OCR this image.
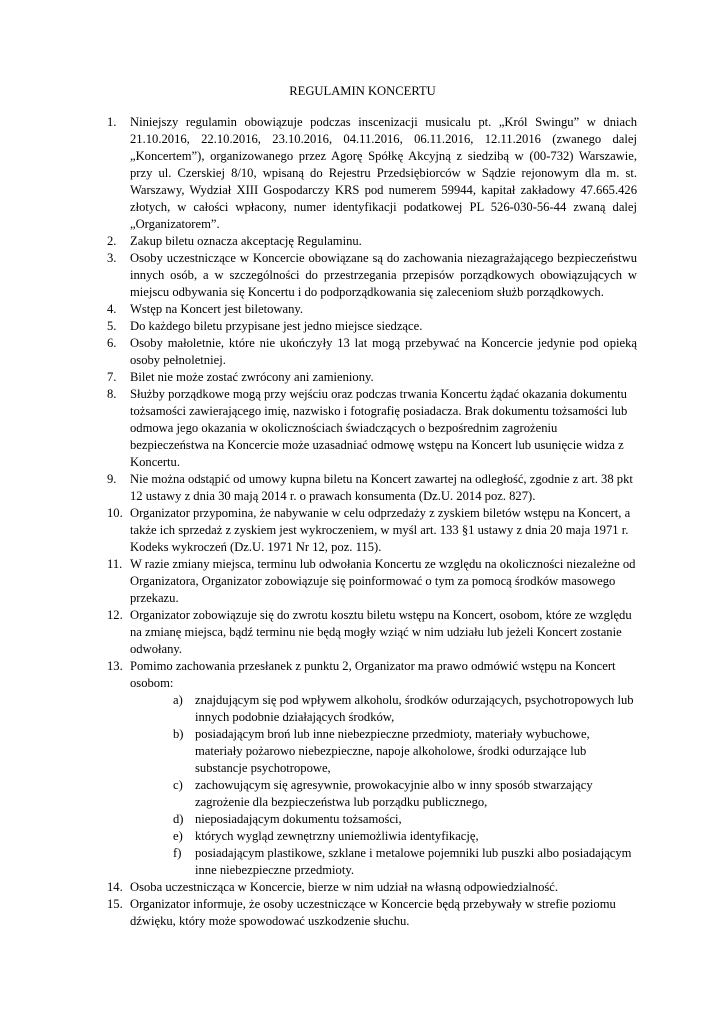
REGULAMIN KONCERTU
1. Niniejszy regulamin obowiązuje podczas inscenizacji musicalu pt. „Król Swingu” w dniach 21.10.2016, 22.10.2016, 23.10.2016, 04.11.2016, 06.11.2016, 12.11.2016 (zwanego dalej „Koncertem”), organizowanego przez Agorę Spółkę Akcyjną z siedzibą w (00-732) Warszawie, przy ul. Czerskiej 8/10, wpisaną do Rejestru Przedsiębiorców w Sądzie rejonowym dla m. st. Warszawy, Wydział XIII Gospodarczy KRS pod numerem 59944, kapitał zakładowy 47.665.426 złotych, w całości wpłacony, numer identyfikacji podatkowej PL 526-030-56-44 zwaną dalej „Organizatorem”.
2. Zakup biletu oznacza akceptację Regulaminu.
3. Osoby uczestniczące w Koncercie obowiązane są do zachowania niezagrażającego bezpieczeństwu innych osób, a w szczególności do przestrzegania przepisów porządkowych obowiązujących w miejscu odbywania się Koncertu i do podporządkowania się zaleceniom służb porządkowych.
4. Wstęp na Koncert jest biletowany.
5. Do każdego biletu przypisane jest jedno miejsce siedzące.
6. Osoby małoletnie, które nie ukończyły 13 lat mogą przebywać na Koncercie jedynie pod opieką osoby pełnoletniej.
7. Bilet nie może zostać zwrócony ani zamieniony.
8. Służby porządkowe mogą przy wejściu oraz podczas trwania Koncertu żądać okazania dokumentu tożsamości zawierającego imię, nazwisko i fotografię posiadacza. Brak dokumentu tożsamości lub odmowa jego okazania w okolicznościach świadczących o bezpośrednim zagrożeniu bezpieczeństwa na Koncercie może uzasadniać odmowę wstępu na Koncert lub usunięcie widza z Koncertu.
9. Nie można odstąpić od umowy kupna biletu na Koncert zawartej na odległość, zgodnie z art. 38 pkt 12 ustawy z dnia 30 mają 2014 r. o prawach konsumenta (Dz.U. 2014 poz. 827).
10. Organizator przypomina, że nabywanie w celu odprzedaży z zyskiem biletów wstępu na Koncert, a także ich sprzedaż z zyskiem jest wykroczeniem, w myśl art. 133 §1 ustawy z dnia 20 maja 1971 r. Kodeks wykroczeń (Dz.U. 1971 Nr 12, poz. 115).
11. W razie zmiany miejsca, terminu lub odwołania Koncertu ze względu na okoliczności niezależne od Organizatora, Organizator zobowiązuje się poinformować o tym za pomocą środków masowego przekazu.
12. Organizator zobowiązuje się do zwrotu kosztu biletu wstępu na Koncert, osobom, które ze względu na zmianę miejsca, bądź terminu nie będą mogły wziąć w nim udziału lub jeżeli Koncert zostanie odwołany.
13. Pomimo zachowania przesłanek z punktu 2, Organizator ma prawo odmówić wstępu na Koncert osobom:
a) znajdującym się pod wpływem alkoholu, środków odurzających, psychotropowych lub innych podobnie działających środków,
b) posiadającym broń lub inne niebezpieczne przedmioty, materiały wybuchowe, materiały pożarowo niebezpieczne, napoje alkoholowe, środki odurzające lub substancje psychotropowe,
c) zachowującym się agresywnie, prowokacyjnie albo w inny sposób stwarzający zagrożenie dla bezpieczeństwa lub porządku publicznego,
d) nieposiadającym dokumentu tożsamości,
e) których wygląd zewnętrzny uniemożliwia identyfikację,
f) posiadającym plastikowe, szklane i metalowe pojemniki lub puszki albo posiadającym inne niebezpieczne przedmioty.
14. Osoba uczestnicząca w Koncercie, bierze w nim udział na własną odpowiedzialność.
15. Organizator informuje, że osoby uczestniczące w Koncercie będą przebywały w strefie poziomu dźwięku, który może spowodować uszkodzenie słuchu.
